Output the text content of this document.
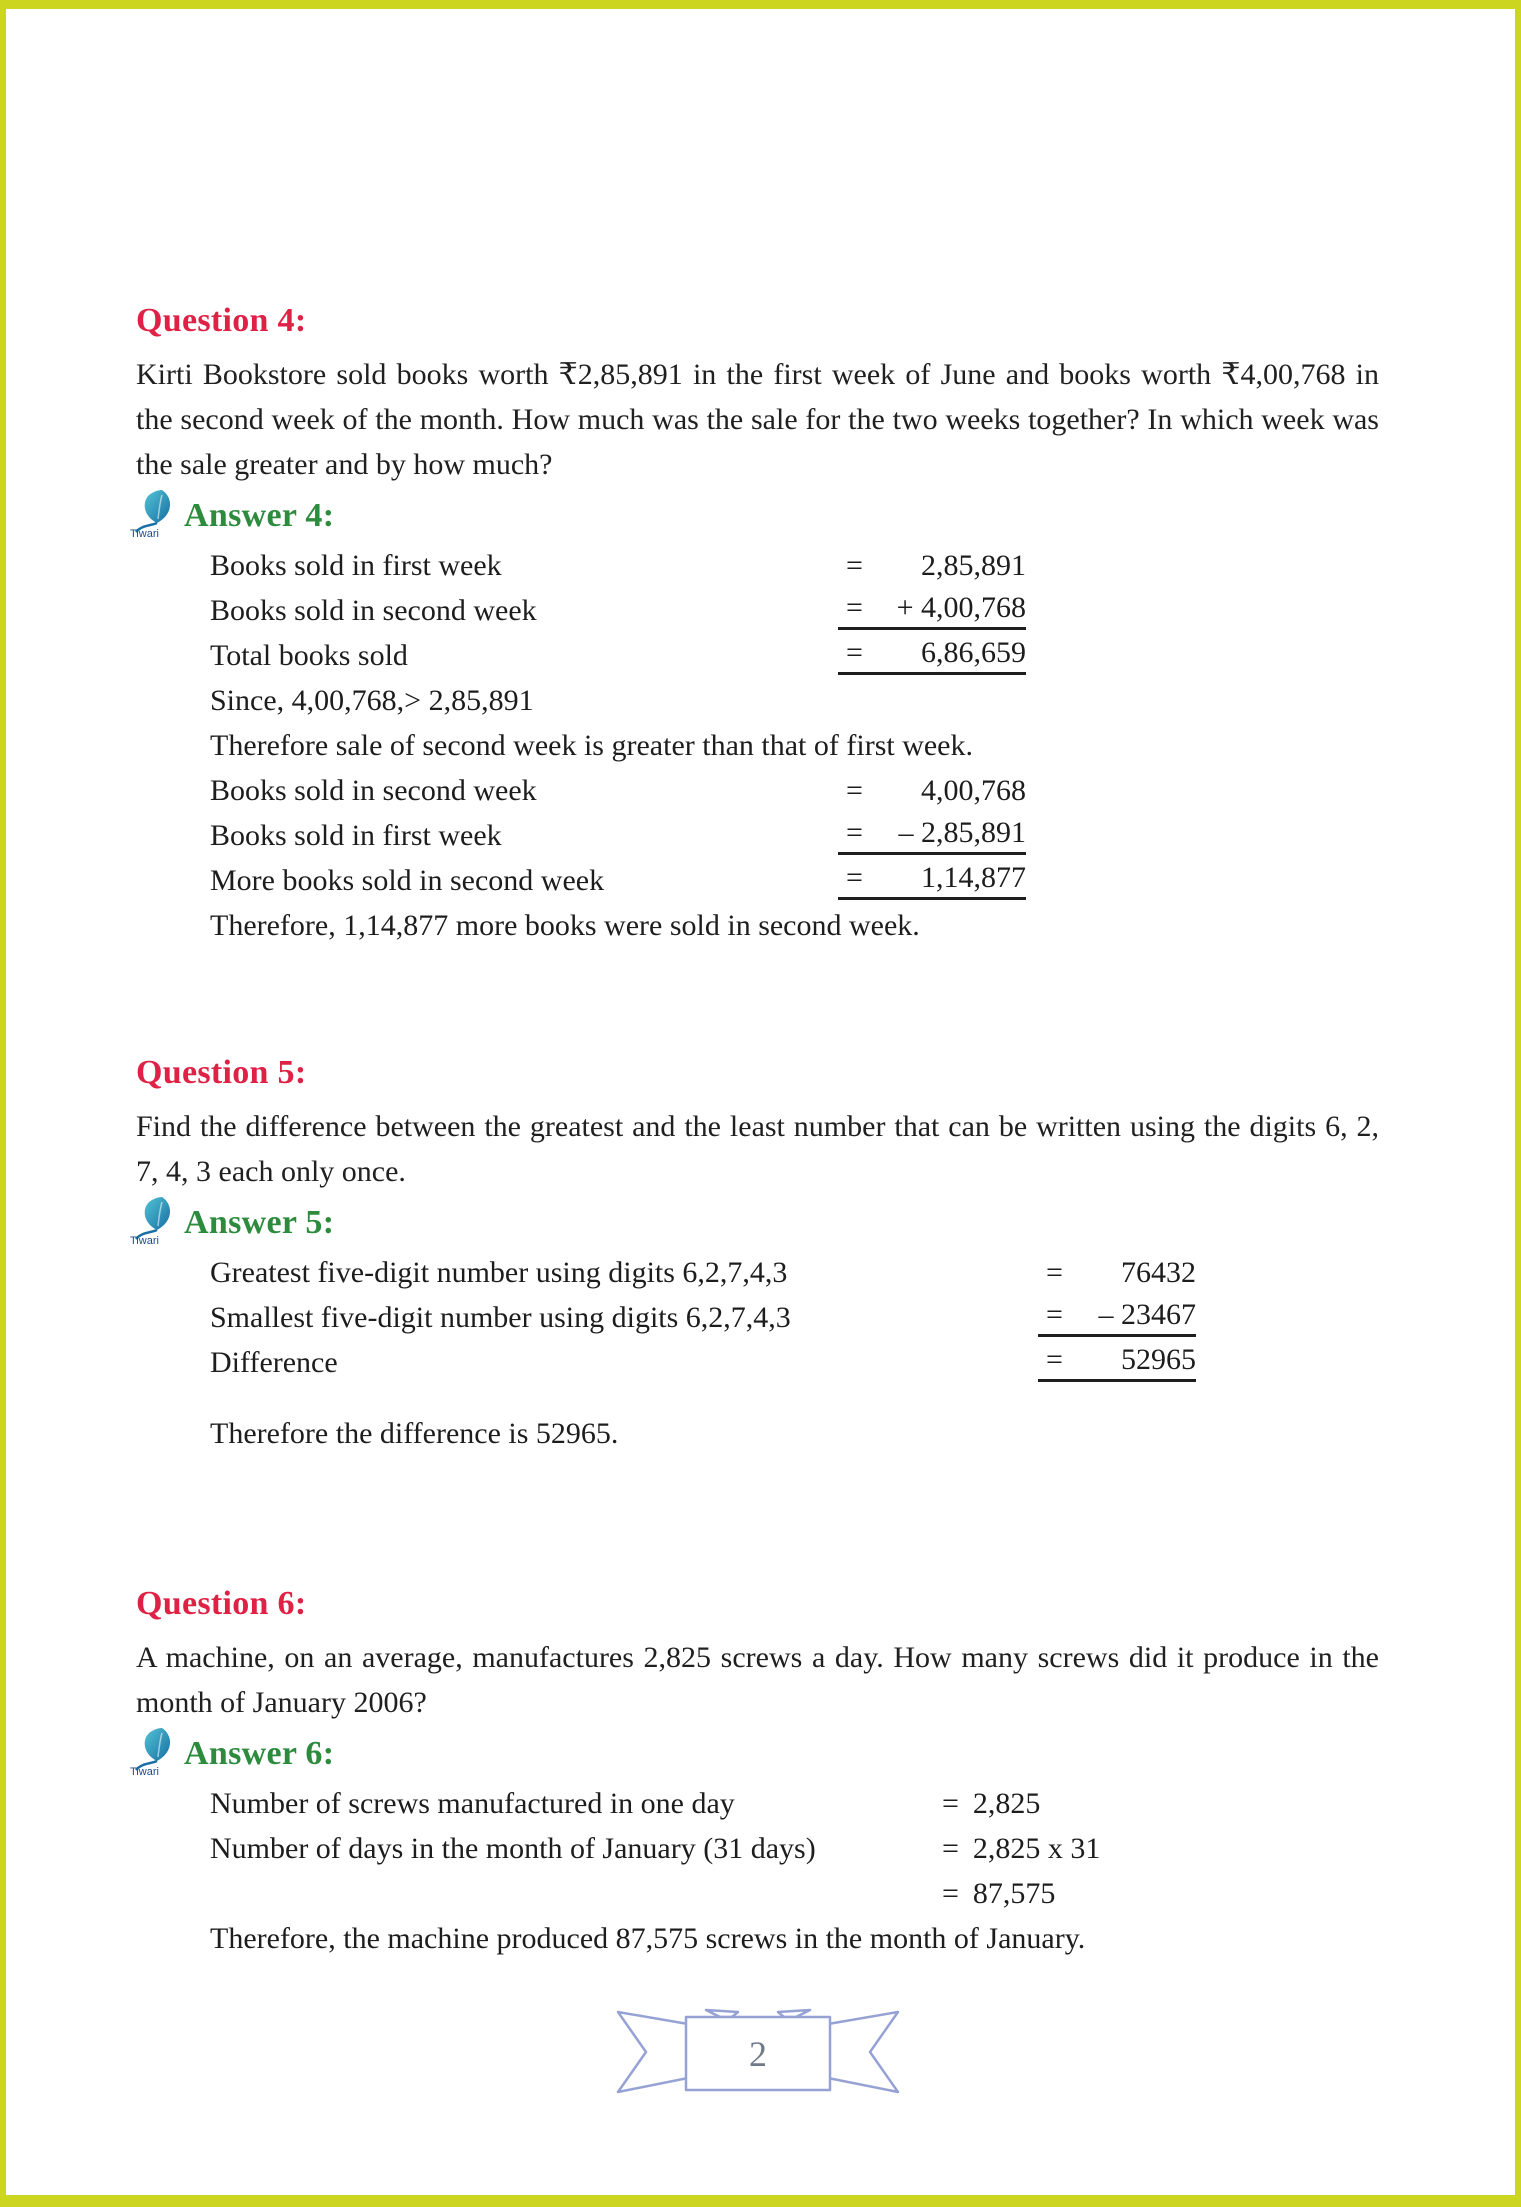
Question 4:

Kirti Bookstore sold books worth ₹2,85,891 in the first week of June and books worth ₹4,00,768 in the second week of the month. How much was the sale for the two weeks together? In which week was the sale greater and by how much?

Tiwari Answer 4:
Books sold in first week	= 2,85,891
Books sold in second week	= + 4,00,768
Total books sold	= 6,86,659

Since, 4,00,768,> 2,85,891

Therefore sale of second week is greater than that of first week.

Books sold in second week	= 4,00,768
Books sold in first week	= – 2,85,891
More books sold in second week	= 1,14,877

Therefore, 1,14,877 more books were sold in second week.

Question 5:

Find the difference between the greatest and the least number that can be written using the digits 6, 2, 7, 4, 3 each only once.

Tiwari Answer 5:
Greatest five-digit number using digits 6,2,7,4,3	= 76432
Smallest five-digit number using digits 6,2,7,4,3	= – 23467
Difference	= 52965

Therefore the difference is 52965.

Question 6:

A machine, on an average, manufactures 2,825 screws a day. How many screws did it produce in the month of January 2006?

Tiwari Answer 6:
Number of screws manufactured in one day	= 2,825
Number of days in the month of January (31 days)	= 2,825 x 31
= 87,575

Therefore, the machine produced 87,575 screws in the month of January.

2
